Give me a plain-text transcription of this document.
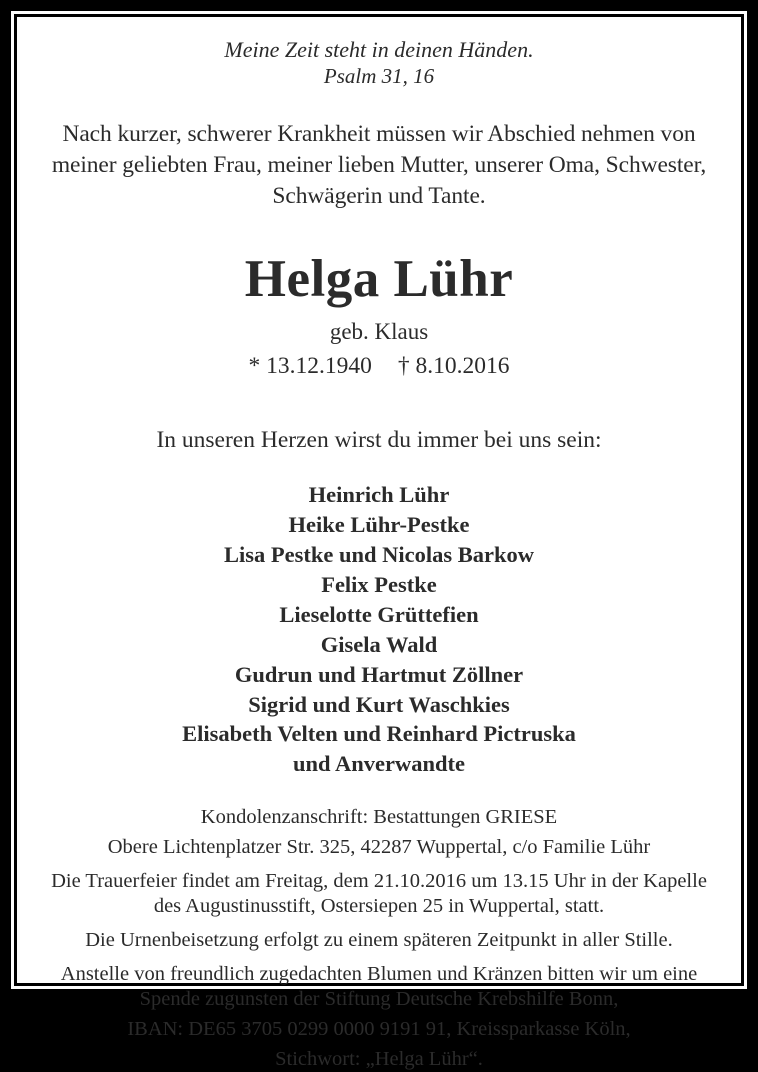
Meine Zeit steht in deinen Händen.
Psalm 31, 16
Nach kurzer, schwerer Krankheit müssen wir Abschied nehmen von meiner geliebten Frau, meiner lieben Mutter, unserer Oma, Schwester, Schwägerin und Tante.
Helga Lühr
geb. Klaus
* 13.12.1940 † 8.10.2016
In unseren Herzen wirst du immer bei uns sein:
Heinrich Lühr
Heike Lühr-Pestke
Lisa Pestke und Nicolas Barkow
Felix Pestke
Lieselotte Grüttefien
Gisela Wald
Gudrun und Hartmut Zöllner
Sigrid und Kurt Waschkies
Elisabeth Velten und Reinhard Pictruska
und Anverwandte
Kondolenzanschrift: Bestattungen GRIESE
Obere Lichtenplatzer Str. 325, 42287 Wuppertal, c/o Familie Lühr
Die Trauerfeier findet am Freitag, dem 21.10.2016 um 13.15 Uhr in der Kapelle des Augustinusstift, Ostersiepen 25 in Wuppertal, statt.
Die Urnenbeisetzung erfolgt zu einem späteren Zeitpunkt in aller Stille.
Anstelle von freundlich zugedachten Blumen und Kränzen bitten wir um eine Spende zugunsten der Stiftung Deutsche Krebshilfe Bonn,
IBAN: DE65 3705 0299 0000 9191 91, Kreissparkasse Köln,
Stichwort: „Helga Lühr“.
